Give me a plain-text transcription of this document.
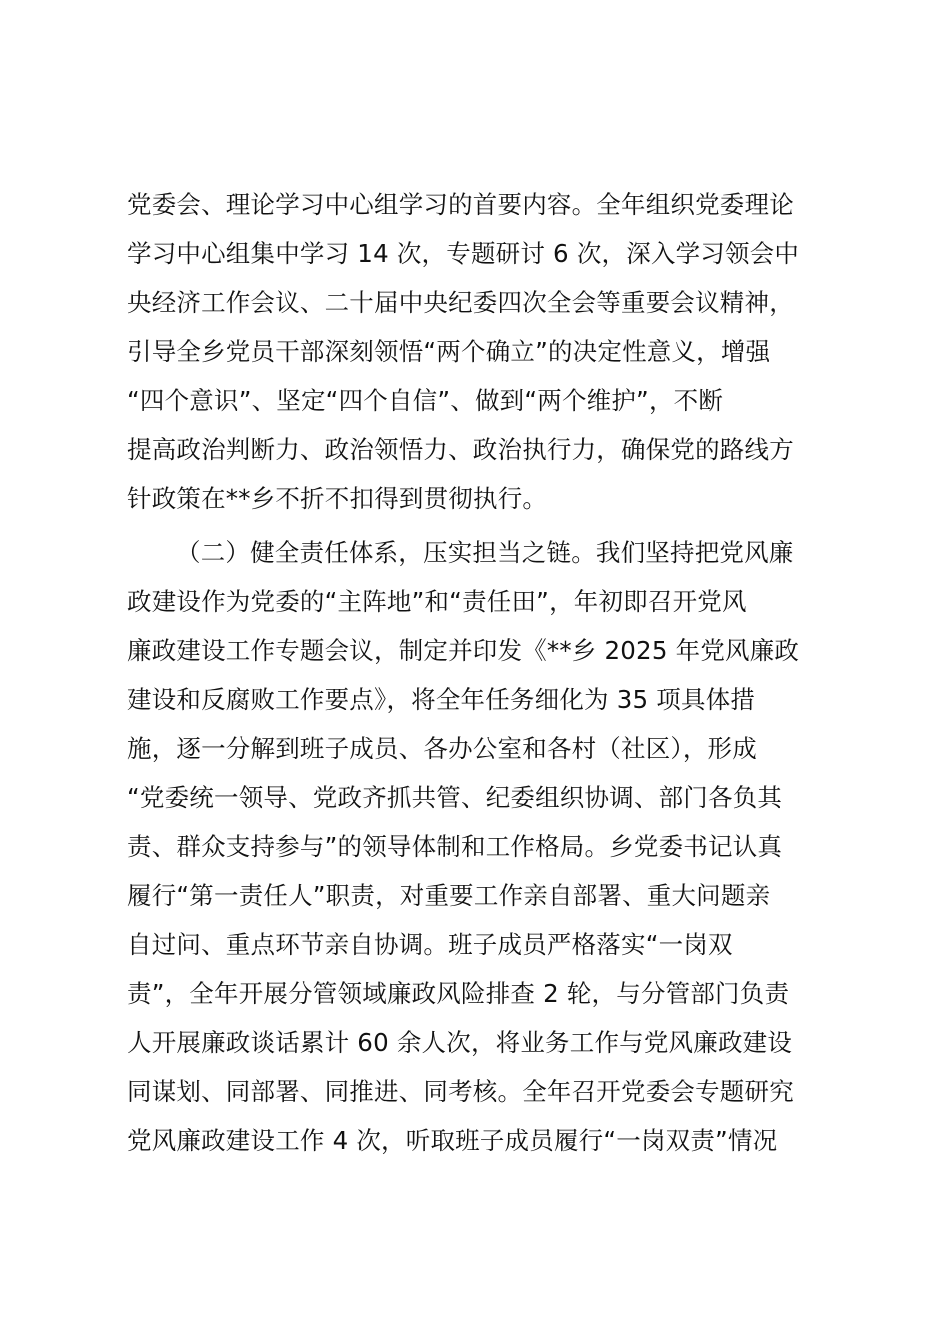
党委会、理论学习中心组学习的首要内容。全年组织党委理论
学习中心组集中学习 14 次，专题研讨 6 次，深入学习领会中
央经济工作会议、二十届中央纪委四次全会等重要会议精神，
引导全乡党员干部深刻领悟“两个确立”的决定性意义，增强
“四个意识”、坚定“四个自信”、做到“两个维护”，不断
提高政治判断力、政治领悟力、政治执行力，确保党的路线方
针政策在**乡不折不扣得到贯彻执行。
（二）健全责任体系，压实担当之链。我们坚持把党风廉
政建设作为党委的“主阵地”和“责任田”，年初即召开党风
廉政建设工作专题会议，制定并印发《**乡 2025 年党风廉政
建设和反腐败工作要点》，将全年任务细化为 35 项具体措
施，逐一分解到班子成员、各办公室和各村（社区），形成
“党委统一领导、党政齐抓共管、纪委组织协调、部门各负其
责、群众支持参与”的领导体制和工作格局。乡党委书记认真
履行“第一责任人”职责，对重要工作亲自部署、重大问题亲
自过问、重点环节亲自协调。班子成员严格落实“一岗双
责”，全年开展分管领域廉政风险排查 2 轮，与分管部门负责
人开展廉政谈话累计 60 余人次，将业务工作与党风廉政建设
同谋划、同部署、同推进、同考核。全年召开党委会专题研究
党风廉政建设工作 4 次，听取班子成员履行“一岗双责”情况
